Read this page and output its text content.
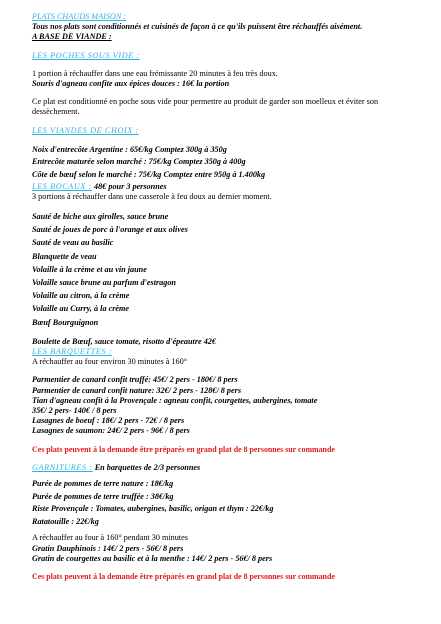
PLATS CHAUDS MAISON :
Tous nos plats sont conditionnés et cuisinés de façon à ce qu'ils puissent être réchauffés aisément.
A BASE DE VIANDE :
LES POCHES SOUS VIDE :
1 portion à réchauffer dans une eau frémissante 20 minutes à feu très doux.
Souris d'agneau confite aux épices douces : 16€ la portion
Ce plat est conditionné en poche sous vide pour permettre au produit de garder son moelleux et éviter son dessèchement.
LES VIANDES DE CHOIX :
Noix d'entrecôte Argentine : 65€/kg Comptez 300g à 350g
Entrecôte maturée selon marché : 75€/kg Comptez 350g à 400g
Côte de bœuf selon le marché : 75€/kg Comptez entre 950g à 1.400kg
LES BOCAUX : 48€ pour 3 personnes
3 portions à réchauffer dans une casserole à feu doux au dernier moment.
Sauté de biche aux girolles, sauce brune
Sauté de joues de porc à l'orange et aux olives
Sauté de veau au basilic
Blanquette de veau
Volaille à la crème et au vin jaune
Volaille sauce brune au parfum d'estragon
Volaille au citron, à la crème
Volaille au Curry, à la crème
Bœuf Bourguignon
Boulette de Bœuf, sauce tomate, risotto d'épeautre 42€
LES BARQUETTES :
A réchauffer au four environ 30 minutes à 160°
Parmentier de canard confit truffé: 45€/ 2 pers - 180€/ 8 pers
Parmentier de canard confit nature: 32€/ 2 pers - 128€/ 8 pers
Tian d'agneau confit à la Provençale : agneau confit, courgettes, aubergines, tomate
35€/ 2 pers- 140€ / 8 pers
Lasagnes de boeuf : 18€/ 2 pers - 72€ / 8 pers
Lasagnes de saumon: 24€/ 2 pers - 96€ / 8 pers
Ces plats peuvent à la demande être préparés en grand plat de 8 personnes sur commande
GARNITURES : En barquettes de 2/3 personnes
Purée de pommes de terre nature : 18€/kg
Purée de pommes de terre truffée : 38€/kg
Riste Provençale : Tomates, aubergines, basilic, origan et thym : 22€/kg
Ratatouille : 22€/kg
A réchauffer au four à 160° pendant 30 minutes
Gratin Dauphinois : 14€/ 2 pers - 56€/ 8 pers
Gratin de courgettes au basilic et à la menthe : 14€/ 2 pers - 56€/ 8 pers
Ces plats peuvent à la demande être préparés en grand plat de 8 personnes sur commande
